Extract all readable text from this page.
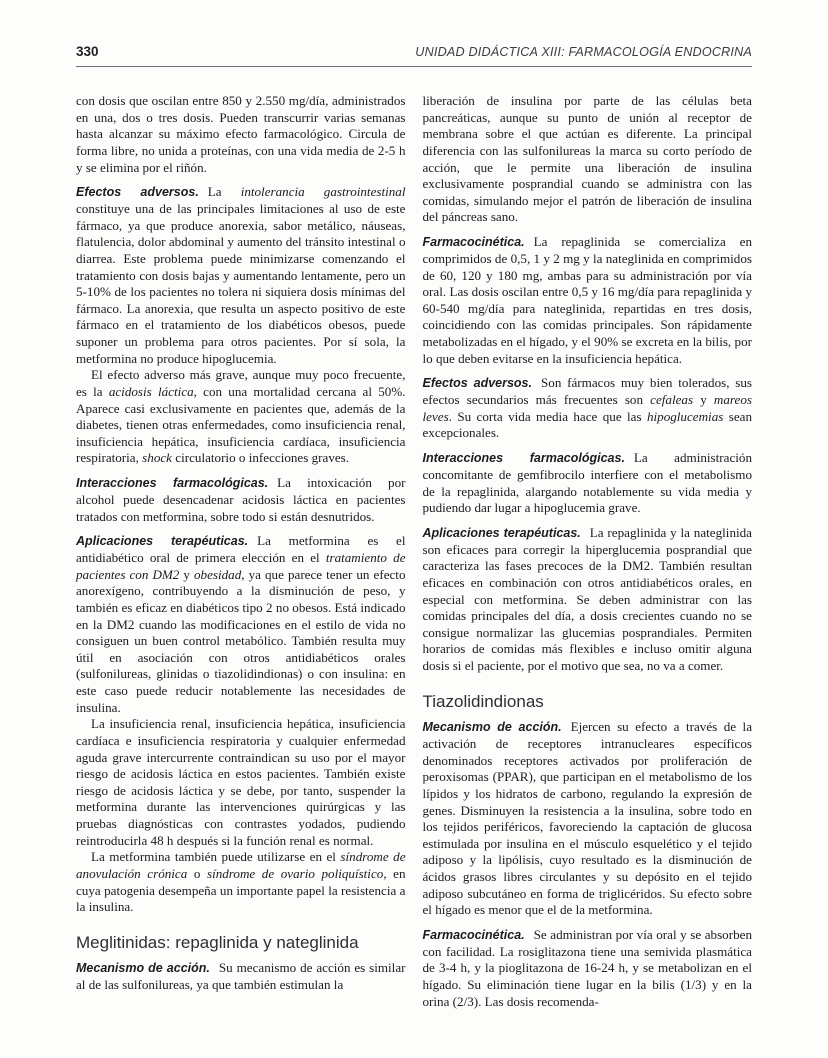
330	UNIDAD DIDÁCTICA XIII: FARMACOLOGÍA ENDOCRINA

con dosis que oscilan entre 850 y 2.550 mg/día, administrados en una, dos o tres dosis. Pueden transcurrir varias semanas hasta alcanzar su máximo efecto farmacológico. Circula de forma libre, no unida a proteínas, con una vida media de 2-5 h y se elimina por el riñón.

Efectos adversos. La intolerancia gastrointestinal constituye una de las principales limitaciones al uso de este fármaco, ya que produce anorexia, sabor metálico, náuseas, flatulencia, dolor abdominal y aumento del tránsito intestinal o diarrea. Este problema puede minimizarse comenzando el tratamiento con dosis bajas y aumentando lentamente, pero un 5-10% de los pacientes no tolera ni siquiera dosis mínimas del fármaco. La anorexia, que resulta un aspecto positivo de este fármaco en el tratamiento de los diabéticos obesos, puede suponer un problema para otros pacientes. Por sí sola, la metformina no produce hipoglucemia.

El efecto adverso más grave, aunque muy poco frecuente, es la acidosis láctica, con una mortalidad cercana al 50%. Aparece casi exclusivamente en pacientes que, además de la diabetes, tienen otras enfermedades, como insuficiencia renal, insuficiencia hepática, insuficiencia cardíaca, insuficiencia respiratoria, shock circulatorio o infecciones graves.

Interacciones farmacológicas. La intoxicación por alcohol puede desencadenar acidosis láctica en pacientes tratados con metformina, sobre todo si están desnutridos.

Aplicaciones terapéuticas. La metformina es el antidiabético oral de primera elección en el tratamiento de pacientes con DM2 y obesidad, ya que parece tener un efecto anorexígeno, contribuyendo a la disminución de peso, y también es eficaz en diabéticos tipo 2 no obesos. Está indicado en la DM2 cuando las modificaciones en el estilo de vida no consiguen un buen control metabólico. También resulta muy útil en asociación con otros antidiabéticos orales (sulfonilureas, glinidas o tiazolidindionas) o con insulina: en este caso puede reducir notablemente las necesidades de insulina.

La insuficiencia renal, insuficiencia hepática, insuficiencia cardíaca e insuficiencia respiratoria y cualquier enfermedad aguda grave intercurrente contraindican su uso por el mayor riesgo de acidosis láctica en estos pacientes. También existe riesgo de acidosis láctica y se debe, por tanto, suspender la metformina durante las intervenciones quirúrgicas y las pruebas diagnósticas con contrastes yodados, pudiendo reintroducirla 48 h después si la función renal es normal.

La metformina también puede utilizarse en el síndrome de anovulación crónica o síndrome de ovario poliquístico, en cuya patogenia desempeña un importante papel la resistencia a la insulina.

Meglitinidas: repaglinida y nateglinida

Mecanismo de acción. Su mecanismo de acción es similar al de las sulfonilureas, ya que también estimulan la

liberación de insulina por parte de las células beta pancreáticas, aunque su punto de unión al receptor de membrana sobre el que actúan es diferente. La principal diferencia con las sulfonilureas la marca su corto período de acción, que le permite una liberación de insulina exclusivamente posprandial cuando se administra con las comidas, simulando mejor el patrón de liberación de insulina del páncreas sano.

Farmacocinética. La repaglinida se comercializa en comprimidos de 0,5, 1 y 2 mg y la nateglinida en comprimidos de 60, 120 y 180 mg, ambas para su administración por vía oral. Las dosis oscilan entre 0,5 y 16 mg/día para repaglinida y 60-540 mg/día para nateglinida, repartidas en tres dosis, coincidiendo con las comidas principales. Son rápidamente metabolizadas en el hígado, y el 90% se excreta en la bilis, por lo que deben evitarse en la insuficiencia hepática.

Efectos adversos. Son fármacos muy bien tolerados, sus efectos secundarios más frecuentes son cefaleas y mareos leves. Su corta vida media hace que las hipoglucemias sean excepcionales.

Interacciones farmacológicas. La administración concomitante de gemfibrocilo interfiere con el metabolismo de la repaglinida, alargando notablemente su vida media y pudiendo dar lugar a hipoglucemia grave.

Aplicaciones terapéuticas. La repaglinida y la nateglinida son eficaces para corregir la hiperglucemia posprandial que caracteriza las fases precoces de la DM2. También resultan eficaces en combinación con otros antidiabéticos orales, en especial con metformina. Se deben administrar con las comidas principales del día, a dosis crecientes cuando no se consigue normalizar las glucemias posprandiales. Permiten horarios de comidas más flexibles e incluso omitir alguna dosis si el paciente, por el motivo que sea, no va a comer.

Tiazolidindionas

Mecanismo de acción. Ejercen su efecto a través de la activación de receptores intranucleares específicos denominados receptores activados por proliferación de peroxisomas (PPAR), que participan en el metabolismo de los lípidos y los hidratos de carbono, regulando la expresión de genes. Disminuyen la resistencia a la insulina, sobre todo en los tejidos periféricos, favoreciendo la captación de glucosa estimulada por insulina en el músculo esquelético y el tejido adiposo y la lipólisis, cuyo resultado es la disminución de ácidos grasos libres circulantes y su depósito en el tejido adiposo subcutáneo en forma de triglicéridos. Su efecto sobre el hígado es menor que el de la metformina.

Farmacocinética. Se administran por vía oral y se absorben con facilidad. La rosiglitazona tiene una semivida plasmática de 3-4 h, y la pioglitazona de 16-24 h, y se metabolizan en el hígado. Su eliminación tiene lugar en la bilis (1/3) y en la orina (2/3). Las dosis recomenda-
